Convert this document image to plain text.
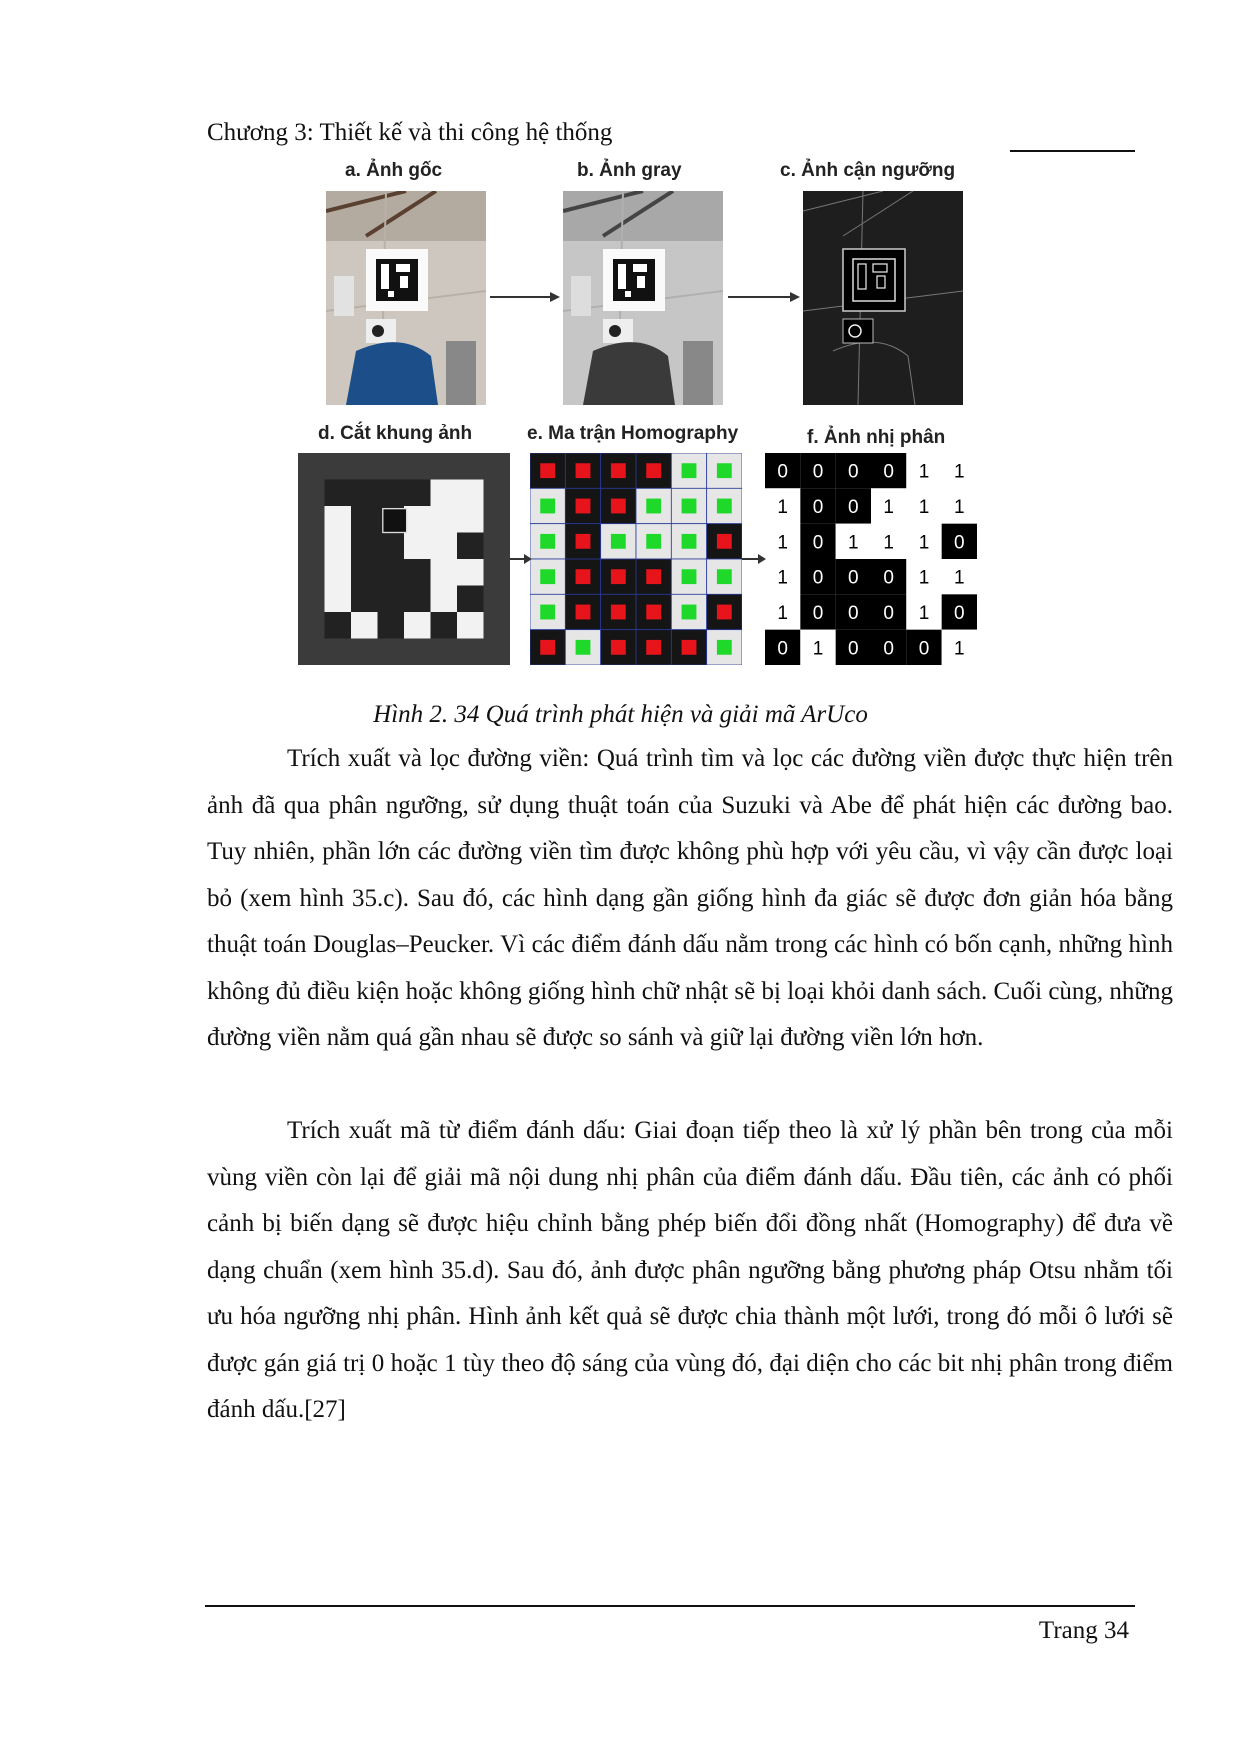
Chương 3: Thiết kế và thi công hệ thống
a. Ảnh gốc	b. Ảnh gray	c. Ảnh cận ngưỡng
d. Cắt khung ảnh	e. Ma trận Homography	f. Ảnh nhị phân
0 0 0 0 1 1
1 0 0 1 1 1
1 0 1 1 1 0
1 0 0 0 1 1
1 0 0 0 1 0
0 1 0 0 0 1
Hình 2. 34 Quá trình phát hiện và giải mã ArUco

Trích xuất và lọc đường viền: Quá trình tìm và lọc các đường viền được thực hiện trên ảnh đã qua phân ngưỡng, sử dụng thuật toán của Suzuki và Abe để phát hiện các đường bao. Tuy nhiên, phần lớn các đường viền tìm được không phù hợp với yêu cầu, vì vậy cần được loại bỏ (xem hình 35.c). Sau đó, các hình dạng gần giống hình đa giác sẽ được đơn giản hóa bằng thuật toán Douglas–Peucker. Vì các điểm đánh dấu nằm trong các hình có bốn cạnh, những hình không đủ điều kiện hoặc không giống hình chữ nhật sẽ bị loại khỏi danh sách. Cuối cùng, những đường viền nằm quá gần nhau sẽ được so sánh và giữ lại đường viền lớn hơn.

Trích xuất mã từ điểm đánh dấu: Giai đoạn tiếp theo là xử lý phần bên trong của mỗi vùng viền còn lại để giải mã nội dung nhị phân của điểm đánh dấu. Đầu tiên, các ảnh có phối cảnh bị biến dạng sẽ được hiệu chỉnh bằng phép biến đổi đồng nhất (Homography) để đưa về dạng chuẩn (xem hình 35.d). Sau đó, ảnh được phân ngưỡng bằng phương pháp Otsu nhằm tối ưu hóa ngưỡng nhị phân. Hình ảnh kết quả sẽ được chia thành một lưới, trong đó mỗi ô lưới sẽ được gán giá trị 0 hoặc 1 tùy theo độ sáng của vùng đó, đại diện cho các bit nhị phân trong điểm đánh dấu.[27]

Trang 34
